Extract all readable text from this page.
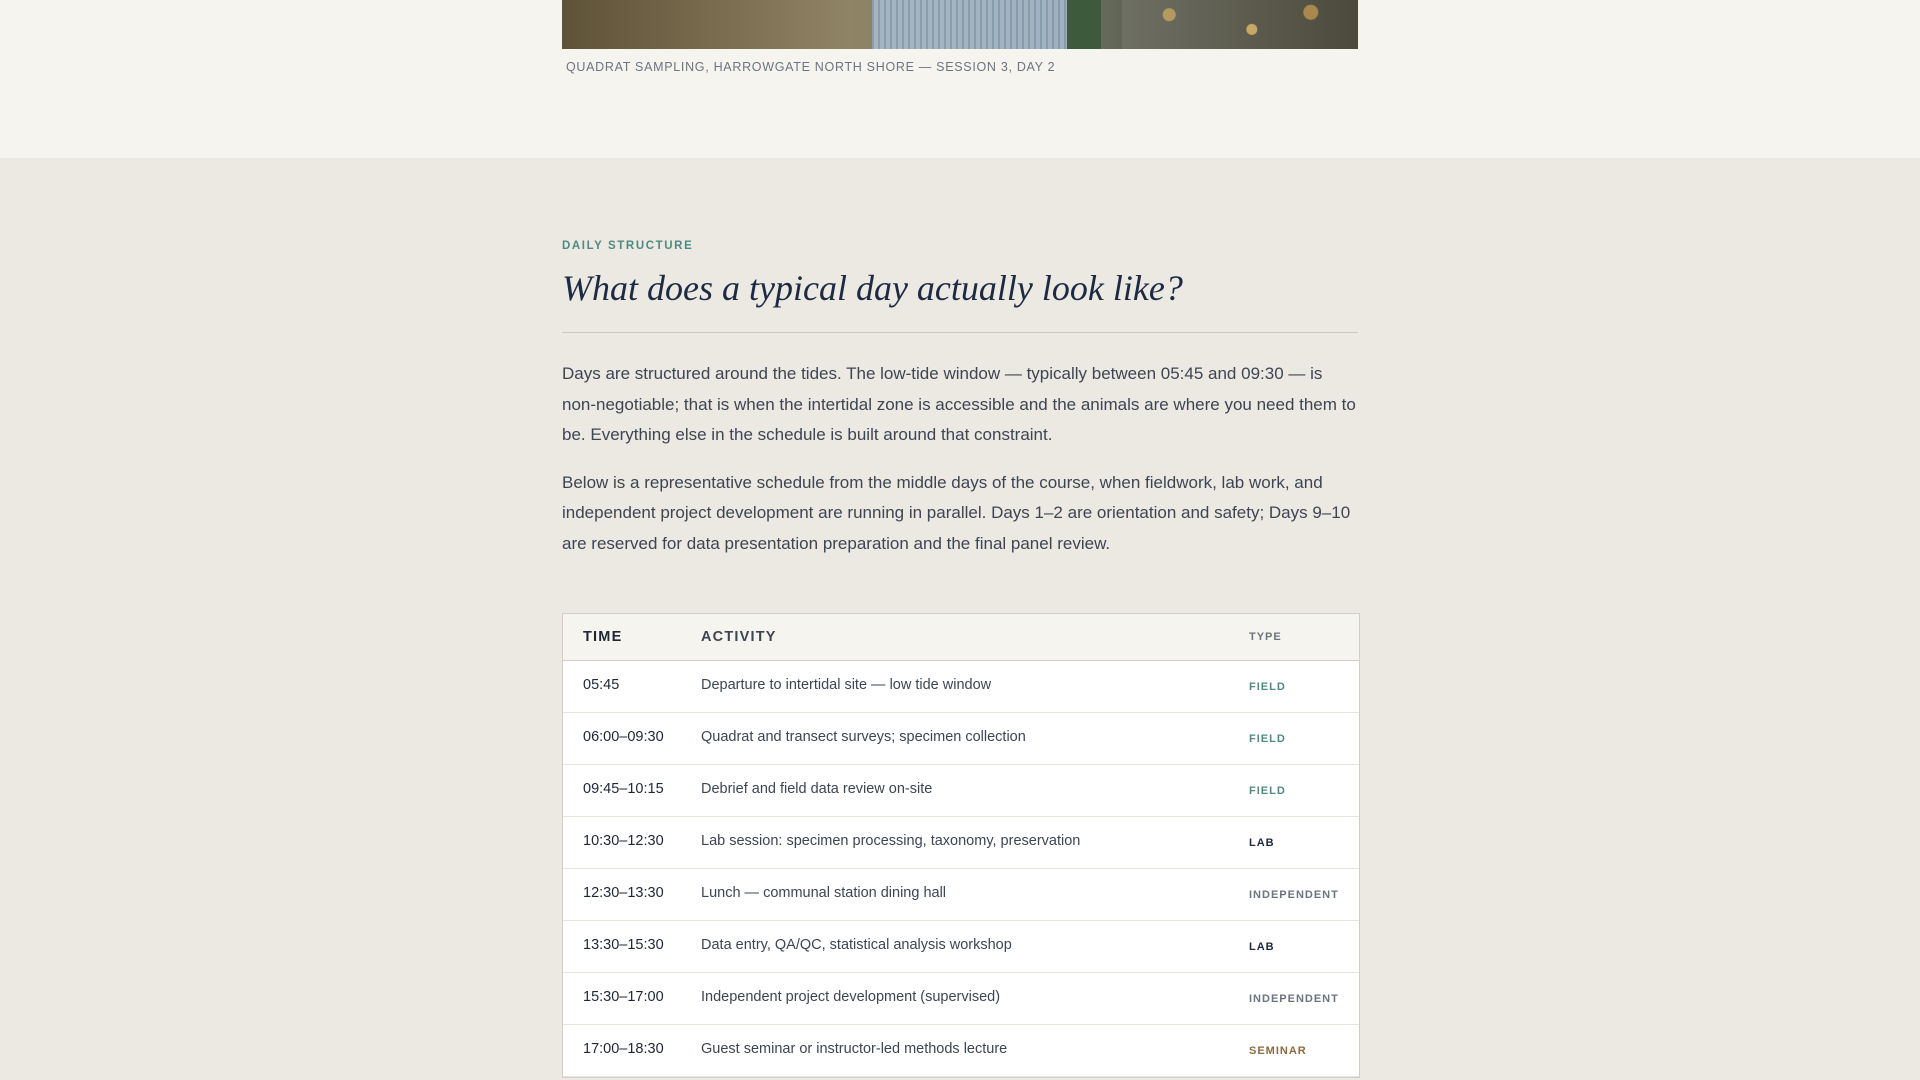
QUADRAT SAMPLING, HARROWGATE NORTH SHORE — SESSION 3, DAY 2
DAILY STRUCTURE
What does a typical day actually look like?

Days are structured around the tides. The low-tide window — typically between 05:45 and 09:30 — is non-negotiable; that is when the intertidal zone is accessible and the animals are where you need them to be. Everything else in the schedule is built around that constraint.

Below is a representative schedule from the middle days of the course, when fieldwork, lab work, and independent project development are running in parallel. Days 1–2 are orientation and safety; Days 9–10 are reserved for data presentation preparation and the final panel review.

TIME	ACTIVITY	TYPE
05:45	Departure to intertidal site — low tide window	FIELD
06:00–09:30	Quadrat and transect surveys; specimen collection	FIELD
09:45–10:15	Debrief and field data review on-site	FIELD
10:30–12:30	Lab session: specimen processing, taxonomy, preservation	LAB
12:30–13:30	Lunch — communal station dining hall	INDEPENDENT
13:30–15:30	Data entry, QA/QC, statistical analysis workshop	LAB
15:30–17:00	Independent project development (supervised)	INDEPENDENT
17:00–18:30	Guest seminar or instructor-led methods lecture	SEMINAR
